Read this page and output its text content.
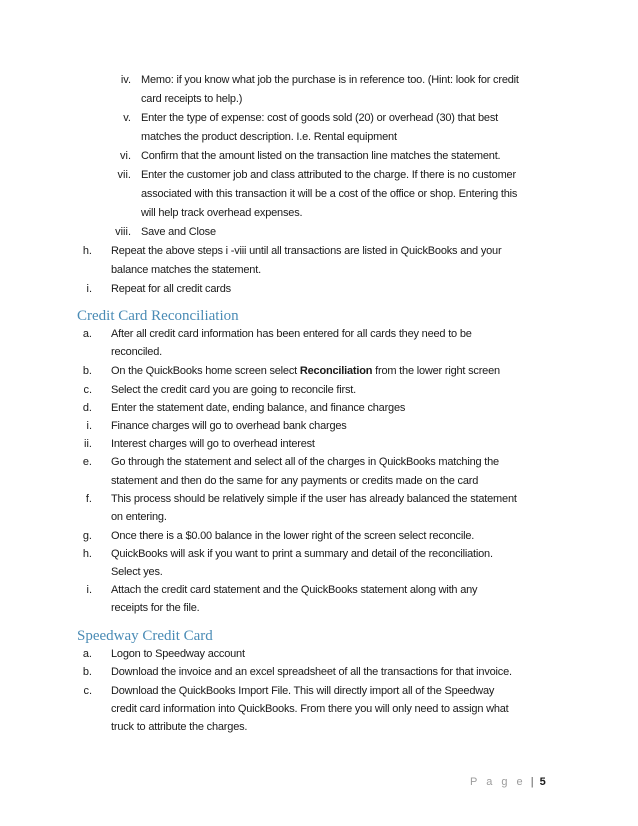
iv. Memo: if you know what job the purchase is in reference too. (Hint: look for credit
card receipts to help.)
v. Enter the type of expense: cost of goods sold (20) or overhead (30) that best
matches the product description. I.e. Rental equipment
vi. Confirm that the amount listed on the transaction line matches the statement.
vii. Enter the customer job and class attributed to the charge. If there is no customer
associated with this transaction it will be a cost of the office or shop. Entering this
will help track overhead expenses.
viii. Save and Close
h. Repeat the above steps i -viii until all transactions are listed in QuickBooks and your
balance matches the statement.
i. Repeat for all credit cards
Credit Card Reconciliation
a. After all credit card information has been entered for all cards they need to be
reconciled.
b. On the QuickBooks home screen select Reconciliation from the lower right screen
c. Select the credit card you are going to reconcile first.
d. Enter the statement date, ending balance, and finance charges
i. Finance charges will go to overhead bank charges
ii. Interest charges will go to overhead interest
e. Go through the statement and select all of the charges in QuickBooks matching the
statement and then do the same for any payments or credits made on the card
f. This process should be relatively simple if the user has already balanced the statement
on entering.
g. Once there is a $0.00 balance in the lower right of the screen select reconcile.
h. QuickBooks will ask if you want to print a summary and detail of the reconciliation.
Select yes.
i. Attach the credit card statement and the QuickBooks statement along with any
receipts for the file.
Speedway Credit Card
a. Logon to Speedway account
b. Download the invoice and an excel spreadsheet of all the transactions for that invoice.
c. Download the QuickBooks Import File. This will directly import all of the Speedway
credit card information into QuickBooks. From there you will only need to assign what
truck to attribute the charges.
P a g e | 5
